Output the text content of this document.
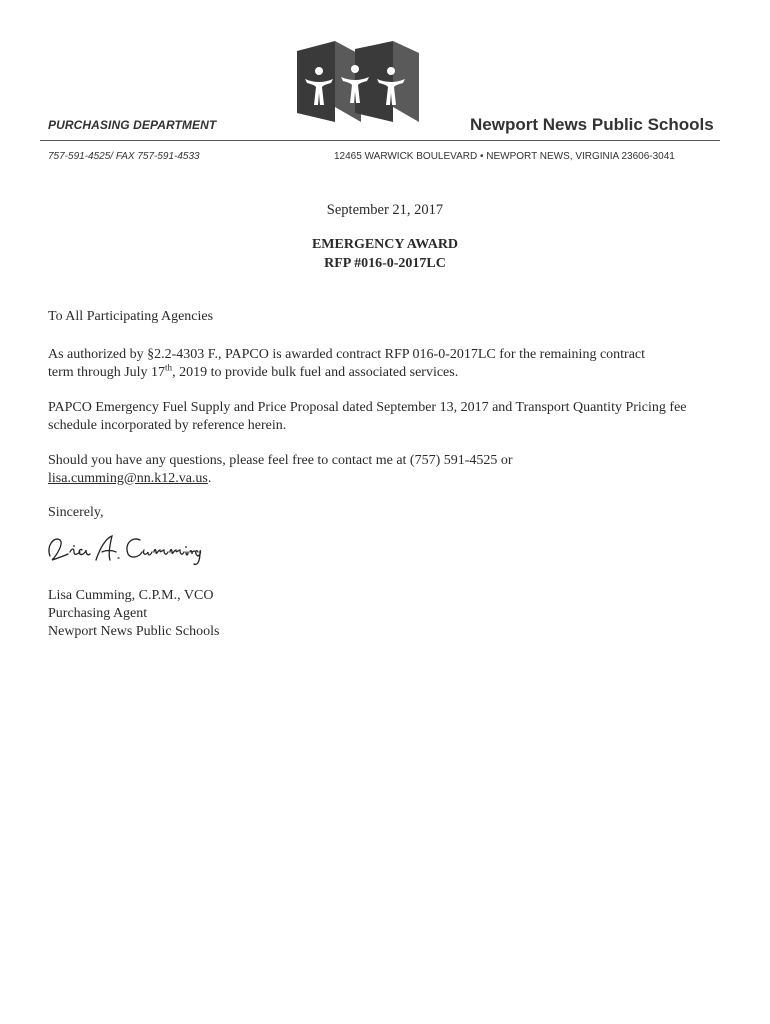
PURCHASING DEPARTMENT	Newport News Public Schools
757-591-4525/ FAX 757-591-4533	12465 WARWICK BOULEVARD • NEWPORT NEWS, VIRGINIA 23606-3041
September 21, 2017
EMERGENCY AWARD
RFP #016-0-2017LC
To All Participating Agencies
As authorized by §2.2-4303 F., PAPCO is awarded contract RFP 016-0-2017LC for the remaining contract term through July 17th, 2019 to provide bulk fuel and associated services.
PAPCO Emergency Fuel Supply and Price Proposal dated September 13, 2017 and Transport Quantity Pricing fee schedule incorporated by reference herein.
Should you have any questions, please feel free to contact me at (757) 591-4525 or
lisa.cumming@nn.k12.va.us.
Sincerely,
Lisa Cumming, C.P.M., VCO
Purchasing Agent
Newport News Public Schools
